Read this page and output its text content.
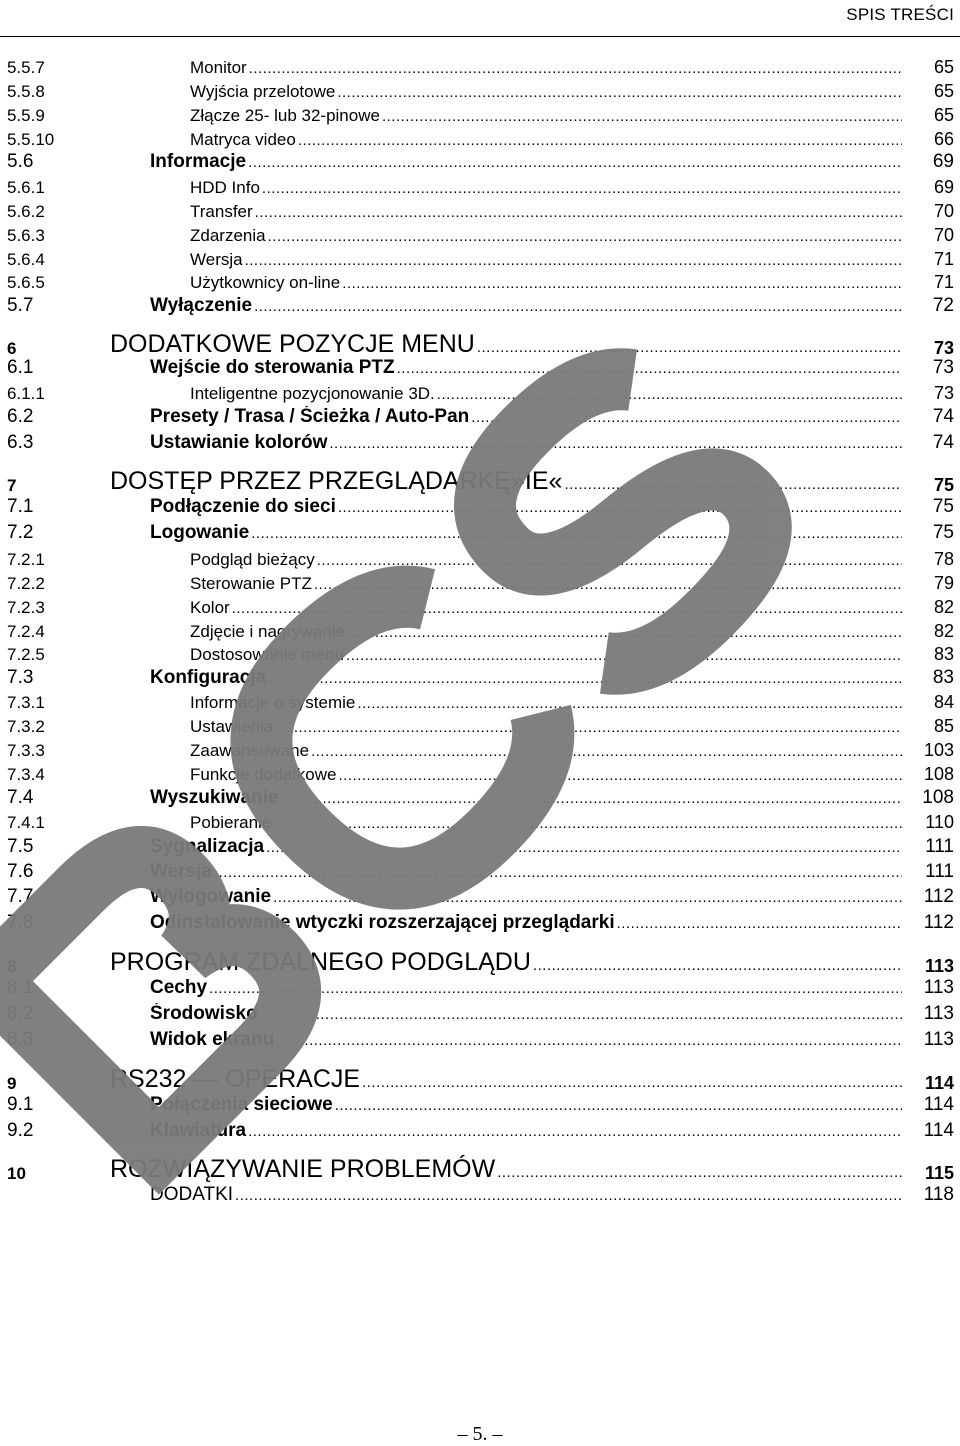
SPIS TREŚCI
5.5.7	Monitor .....	65
5.5.8	Wyjścia przelotowe .....	65
5.5.9	Złącze 25- lub 32-pinowe .....	65
5.5.10	Matryca video .....	66
5.6	Informacje .....	69
5.6.1	HDD Info .....	69
5.6.2	Transfer .....	70
5.6.3	Zdarzenia .....	70
5.6.4	Wersja .....	71
5.6.5	Użytkownicy on-line .....	71
5.7	Wyłączenie .....	72
6	DODATKOWE POZYCJE MENU .....	73
6.1	Wejście do sterowania PTZ .....	73
6.1.1	Inteligentne pozycjonowanie 3D. .....	73
6.2	Presety / Trasa / Ścieżka / Auto-Pan .....	74
6.3	Ustawianie kolorów .....	74
7	DOSTĘP PRZEZ PRZEGLĄDARKĘ»IE« .....	75
7.1	Podłączenie do sieci .....	75
7.2	Logowanie .....	75
7.2.1	Podgląd bieżący .....	78
7.2.2	Sterowanie PTZ .....	79
7.2.3	Kolor .....	82
7.2.4	Zdjęcie i nagrywanie .....	82
7.2.5	Dostosowanie menu .....	83
7.3	Konfiguracja .....	83
7.3.1	Informacje o systemie .....	84
7.3.2	Ustawienia .....	85
7.3.3	Zaawansowane .....	103
7.3.4	Funkcje dodatkowe .....	108
7.4	Wyszukiwanie .....	108
7.4.1	Pobieranie .....	110
7.5	Sygnalizacja .....	111
7.6	Wersja .....	111
7.7	Wylogowanie .....	112
7.8	Odinstalowanie wtyczki rozszerzającej przeglądarki .....	112
8	PROGRAM ZDALNEGO PODGLĄDU .....	113
8.1	Cechy .....	113
8.2	Środowisko .....	113
8.3	Widok ekranu .....	113
9	RS232 — OPERACJE .....	114
9.1	Połączenia sieciowe .....	114
9.2	Klawiatura .....	114
10	ROZWIĄZYWANIE PROBLEMÓW .....	115
DODATKI .....	118
– 5. –
